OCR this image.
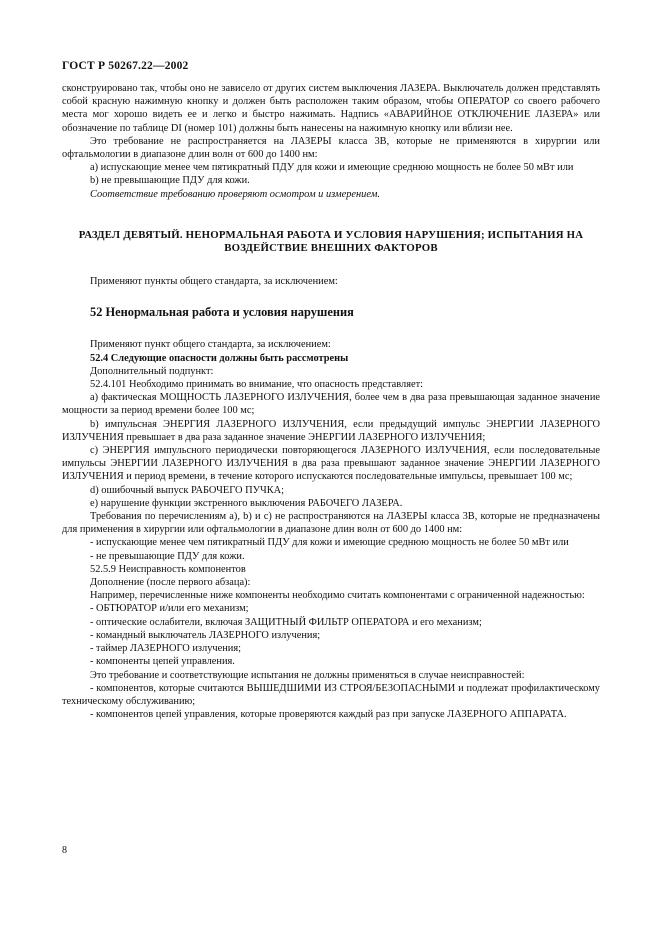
ГОСТ Р 50267.22—2002

сконструировано так, чтобы оно не зависело от других систем выключения ЛАЗЕРА. Выключатель должен представлять собой красную нажимную кнопку и должен быть расположен таким образом, чтобы ОПЕРАТОР со своего рабочего места мог хорошо видеть ее и легко и быстро нажимать. Надпись «АВАРИЙНОЕ ОТКЛЮЧЕНИЕ ЛАЗЕРА» или обозначение по таблице DI (номер 101) должны быть нанесены на нажимную кнопку или вблизи нее.

Это требование не распространяется на ЛАЗЕРЫ класса 3В, которые не применяются в хирургии или офтальмологии в диапазоне длин волн от 600 до 1400 нм:

а) испускающие менее чем пятикратный ПДУ для кожи и имеющие среднюю мощность не более 50 мВт или

b) не превышающие ПДУ для кожи.

Соответствие требованию проверяют осмотром и измерением.

РАЗДЕЛ ДЕВЯТЫЙ. НЕНОРМАЛЬНАЯ РАБОТА И УСЛОВИЯ НАРУШЕНИЯ; ИСПЫТАНИЯ НА ВОЗДЕЙСТВИЕ ВНЕШНИХ ФАКТОРОВ

Применяют пункты общего стандарта, за исключением:

52 Ненормальная работа и условия нарушения

Применяют пункт общего стандарта, за исключением:

52.4 Следующие опасности должны быть рассмотрены

Дополнительный подпункт:

52.4.101 Необходимо принимать во внимание, что опасность представляет:

а) фактическая МОЩНОСТЬ ЛАЗЕРНОГО ИЗЛУЧЕНИЯ, более чем в два раза превышающая заданное значение мощности за период времени более 100 мс;

b) импульсная ЭНЕРГИЯ ЛАЗЕРНОГО ИЗЛУЧЕНИЯ, если предыдущий импульс ЭНЕРГИИ ЛАЗЕРНОГО ИЗЛУЧЕНИЯ превышает в два раза заданное значение ЭНЕРГИИ ЛАЗЕРНОГО ИЗЛУЧЕНИЯ;

с) ЭНЕРГИЯ импульсного периодически повторяющегося ЛАЗЕРНОГО ИЗЛУЧЕНИЯ, если последовательные импульсы ЭНЕРГИИ ЛАЗЕРНОГО ИЗЛУЧЕНИЯ в два раза превышают заданное значение ЭНЕРГИИ ЛАЗЕРНОГО ИЗЛУЧЕНИЯ и период времени, в течение которого испускаются последовательные импульсы, превышает 100 мс;

d) ошибочный выпуск РАБОЧЕГО ПУЧКА;

е) нарушение функции экстренного выключения РАБОЧЕГО ЛАЗЕРА.

Требования по перечислениям а), b) и с) не распространяются на ЛАЗЕРЫ класса 3В, которые не предназначены для применения в хирургии или офтальмологии в диапазоне длин волн от 600 до 1400 нм:

- испускающие менее чем пятикратный ПДУ для кожи и имеющие среднюю мощность не более 50 мВт или

- не превышающие ПДУ для кожи.

52.5.9 Неисправность компонентов

Дополнение (после первого абзаца):

Например, перечисленные ниже компоненты необходимо считать компонентами с ограниченной надежностью:

- ОБТЮРАТОР и/или его механизм;

- оптические ослабители, включая ЗАЩИТНЫЙ ФИЛЬТР ОПЕРАТОРА и его механизм;

- командный выключатель ЛАЗЕРНОГО излучения;

- таймер ЛАЗЕРНОГО излучения;

- компоненты цепей управления.

Это требование и соответствующие испытания не должны применяться в случае неисправностей:

- компонентов, которые считаются ВЫШЕДШИМИ ИЗ СТРОЯ/БЕЗОПАСНЫМИ и подлежат профилактическому техническому обслуживанию;

- компонентов цепей управления, которые проверяются каждый раз при запуске ЛАЗЕРНОГО АППАРАТА.

8
